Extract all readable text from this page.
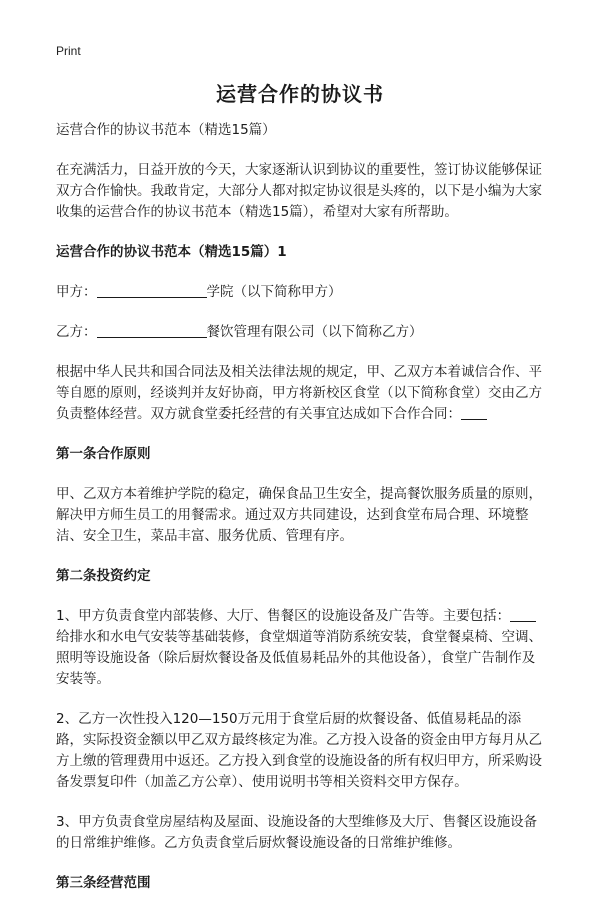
Print
运营合作的协议书

运营合作的协议书范本（精选15篇）

在充满活力，日益开放的今天，大家逐渐认识到协议的重要性，签订协议能够保证双方合作愉快。我敢肯定，大部分人都对拟定协议很是头疼的，以下是小编为大家收集的运营合作的协议书范本（精选15篇），希望对大家有所帮助。

运营合作的协议书范本（精选15篇）1

甲方：	学院（以下简称甲方）

乙方：	餐饮管理有限公司（以下简称乙方）

根据中华人民共和国合同法及相关法律法规的规定，甲、乙双方本着诚信合作、平等自愿的原则，经谈判并友好协商，甲方将新校区食堂（以下简称食堂）交由乙方负责整体经营。双方就食堂委托经营的有关事宜达成如下合作合同：

第一条合作原则

甲、乙双方本着维护学院的稳定，确保食品卫生安全，提高餐饮服务质量的原则，解决甲方师生员工的用餐需求。通过双方共同建设，达到食堂布局合理、环境整洁、安全卫生，菜品丰富、服务优质、管理有序。

第二条投资约定

1、甲方负责食堂内部装修、大厅、售餐区的设施设备及广告等。主要包括：给排水和水电气安装等基础装修，食堂烟道等消防系统安装，食堂餐桌椅、空调、照明等设施设备（除后厨炊餐设备及低值易耗品外的其他设备），食堂广告制作及安装等。

2、乙方一次性投入120—150万元用于食堂后厨的炊餐设备、低值易耗品的添路，实际投资金额以甲乙双方最终核定为准。乙方投入设备的资金由甲方每月从乙方上缴的管理费用中返还。乙方投入到食堂的设施设备的所有权归甲方，所采购设备发票复印件（加盖乙方公章）、使用说明书等相关资料交甲方保存。

3、甲方负责食堂房屋结构及屋面、设施设备的大型维修及大厅、售餐区设施设备的日常维护维修。乙方负责食堂后厨炊餐设施设备的日常维护维修。

第三条经营范围
